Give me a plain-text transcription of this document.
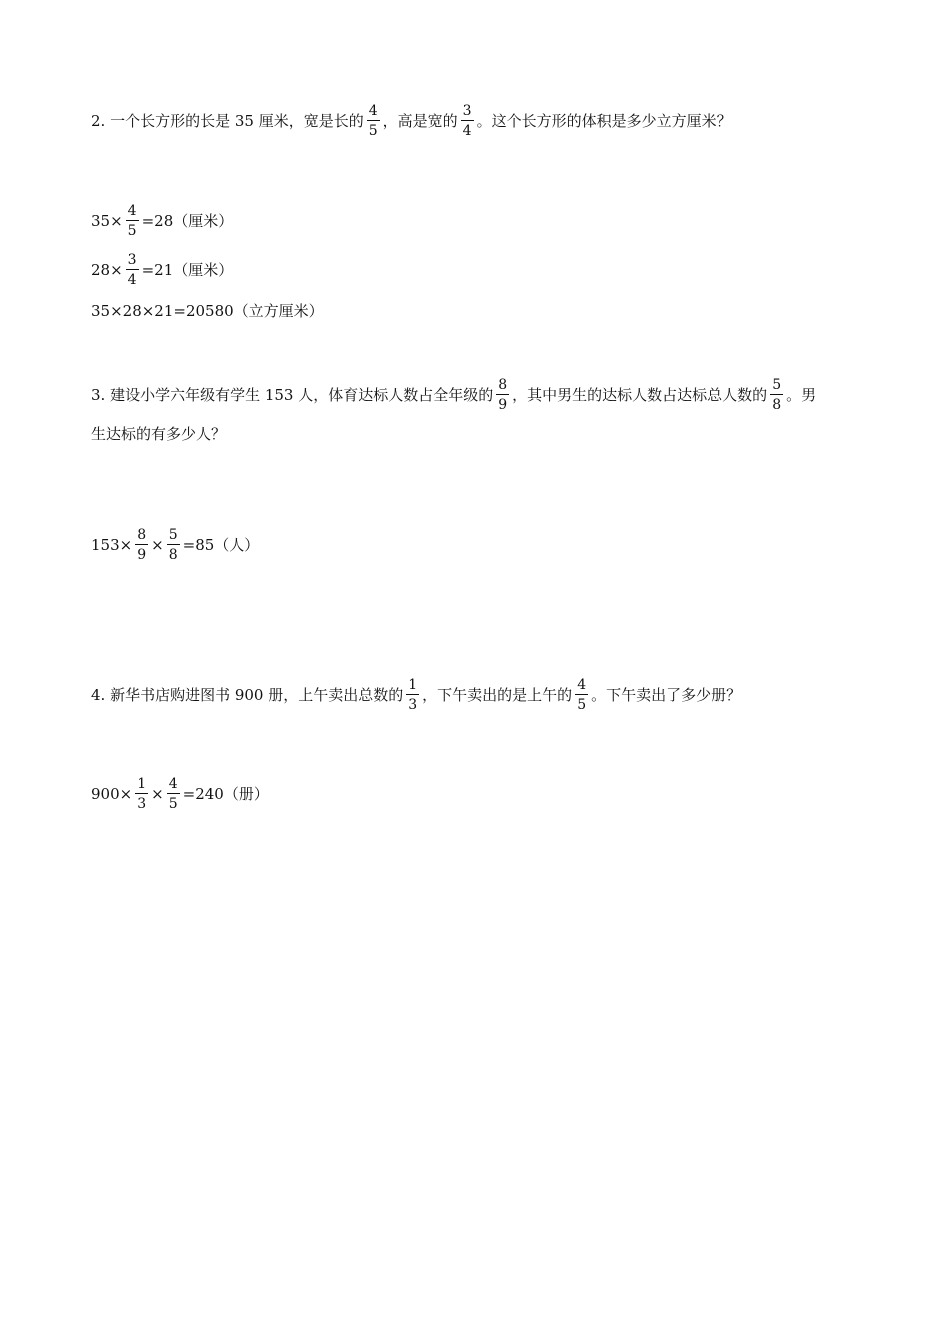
2. 一个长方形的长是 35 厘米，宽是长的 $\frac{4}{5}$ ，高是宽的 $\frac{3}{4}$ 。这个长方形的体积是多少立方厘米？
$35\times \frac{4}{5} =28$（厘米）
$28\times \frac{3}{4} =21$（厘米）
35×28×21=20580（立方厘米）
3. 建设小学六年级有学生 153 人，体育达标人数占全年级的 $\frac{8}{9}$ ，其中男生的达标人数占达标总人数的 $\frac{5}{8}$ 。男
生达标的有多少人？
$153\times \frac{8}{9} \times \frac{5}{8} =85$（人）
4. 新华书店购进图书 900 册，上午卖出总数的 $\frac{1}{3}$ ，下午卖出的是上午的 $\frac{4}{5}$ 。下午卖出了多少册？
$900\times \frac{1}{3} \times \frac{4}{5} =240$（册）
